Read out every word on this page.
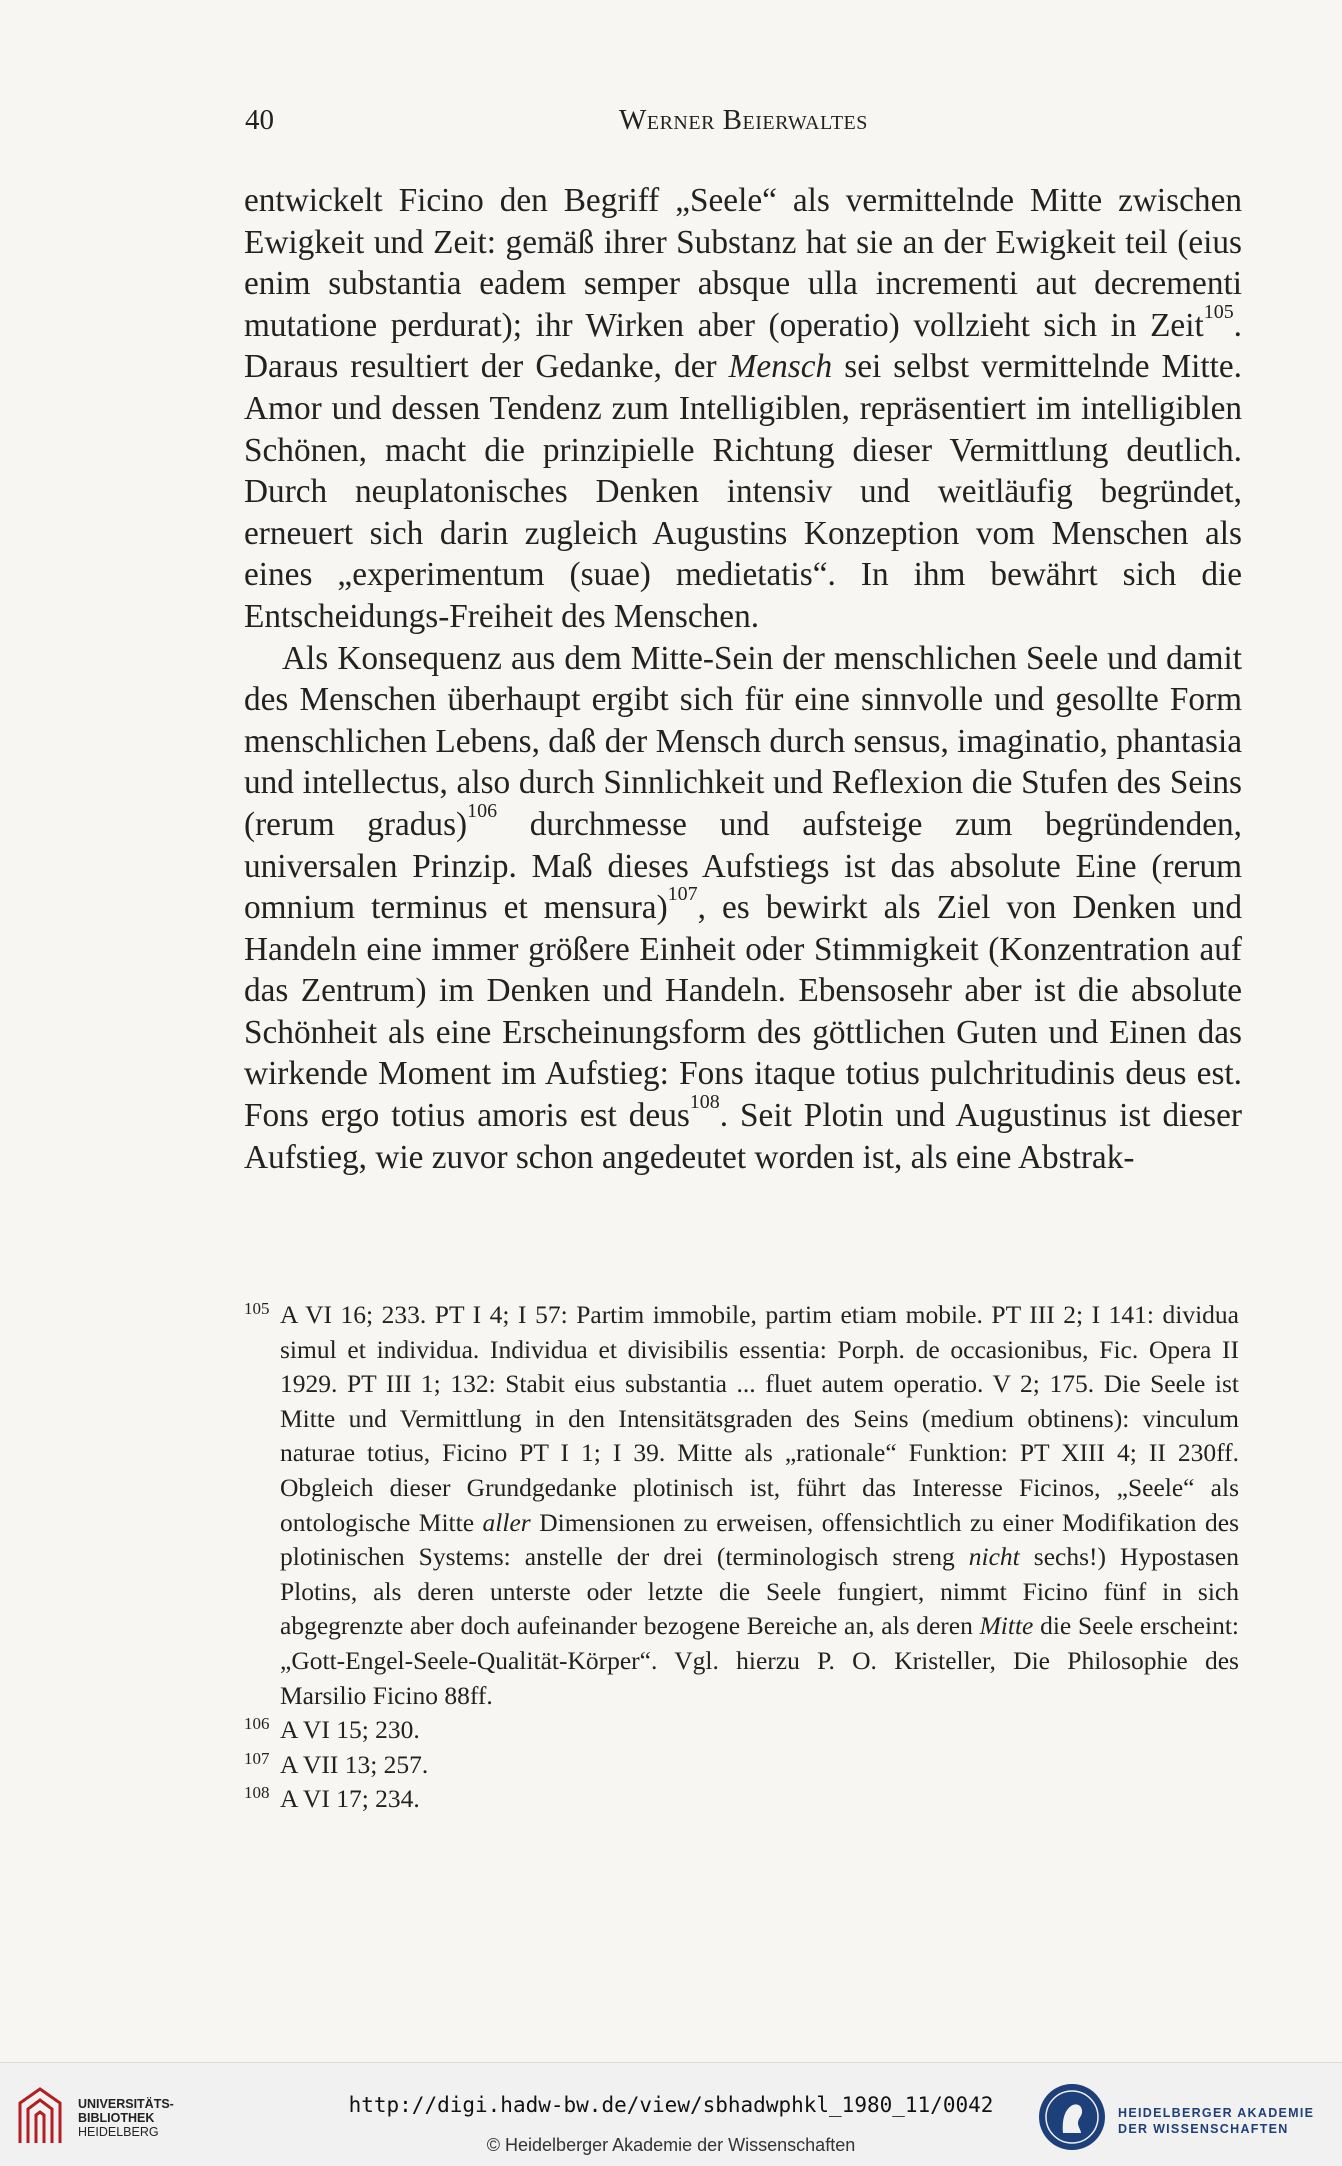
40	Werner Beierwaltes

entwickelt Ficino den Begriff „Seele“ als vermittelnde Mitte zwischen Ewigkeit und Zeit: gemäß ihrer Substanz hat sie an der Ewigkeit teil (eius enim substantia eadem semper absque ulla incrementi aut decrementi mutatione perdurat); ihr Wirken aber (operatio) vollzieht sich in Zeit$^{105}$. Daraus resultiert der Gedanke, der Mensch sei selbst vermittelnde Mitte. Amor und dessen Tendenz zum Intelligiblen, repräsentiert im intelligiblen Schönen, macht die prinzipielle Richtung dieser Vermittlung deutlich. Durch neuplatonisches Denken intensiv und weitläufig begründet, erneuert sich darin zugleich Augustins Konzeption vom Menschen als eines „experimentum (suae) medietatis“. In ihm bewährt sich die Entscheidungs-Freiheit des Menschen.

Als Konsequenz aus dem Mitte-Sein der menschlichen Seele und damit des Menschen überhaupt ergibt sich für eine sinnvolle und gesollte Form menschlichen Lebens, daß der Mensch durch sensus, imaginatio, phantasia und intellectus, also durch Sinnlichkeit und Reflexion die Stufen des Seins (rerum gradus)$^{106}$ durchmesse und aufsteige zum begründenden, universalen Prinzip. Maß dieses Aufstiegs ist das absolute Eine (rerum omnium terminus et mensura)$^{107}$, es bewirkt als Ziel von Denken und Handeln eine immer größere Einheit oder Stimmigkeit (Konzentration auf das Zentrum) im Denken und Handeln. Ebensosehr aber ist die absolute Schönheit als eine Erscheinungsform des göttlichen Guten und Einen das wirkende Moment im Aufstieg: Fons itaque totius pulchritudinis deus est. Fons ergo totius amoris est deus$^{108}$. Seit Plotin und Augustinus ist dieser Aufstieg, wie zuvor schon angedeutet worden ist, als eine Abstrak-

105 A VI 16; 233. PT I 4; I 57: Partim immobile, partim etiam mobile. PT III 2; I 141: dividua simul et individua. Individua et divisibilis essentia: Porph. de occasionibus, Fic. Opera II 1929. PT III 1; 132: Stabit eius substantia ... fluet autem operatio. V 2; 175. Die Seele ist Mitte und Vermittlung in den Intensitätsgraden des Seins (medium obtinens): vinculum naturae totius, Ficino PT I 1; I 39. Mitte als „rationale“ Funktion: PT XIII 4; II 230ff. Obgleich dieser Grundgedanke plotinisch ist, führt das Interesse Ficinos, „Seele“ als ontologische Mitte aller Dimensionen zu erweisen, offensichtlich zu einer Modifikation des plotinischen Systems: anstelle der drei (terminologisch streng nicht sechs!) Hypostasen Plotins, als deren unterste oder letzte die Seele fungiert, nimmt Ficino fünf in sich abgegrenzte aber doch aufeinander bezogene Bereiche an, als deren Mitte die Seele erscheint: „Gott-Engel-Seele-Qualität-Körper“. Vgl. hierzu P. O. Kristeller, Die Philosophie des Marsilio Ficino 88ff.
106 A VI 15; 230.
107 A VII 13; 257.
108 A VI 17; 234.
UNIVERSITÄTS-
BIBLIOTHEK
HEIDELBERG
http://digi.hadw-bw.de/view/sbhadwphkl_1980_11/0042
© Heidelberger Akademie der Wissenschaften
HEIDELBERGER AKADEMIE
DER WISSENSCHAFTEN
